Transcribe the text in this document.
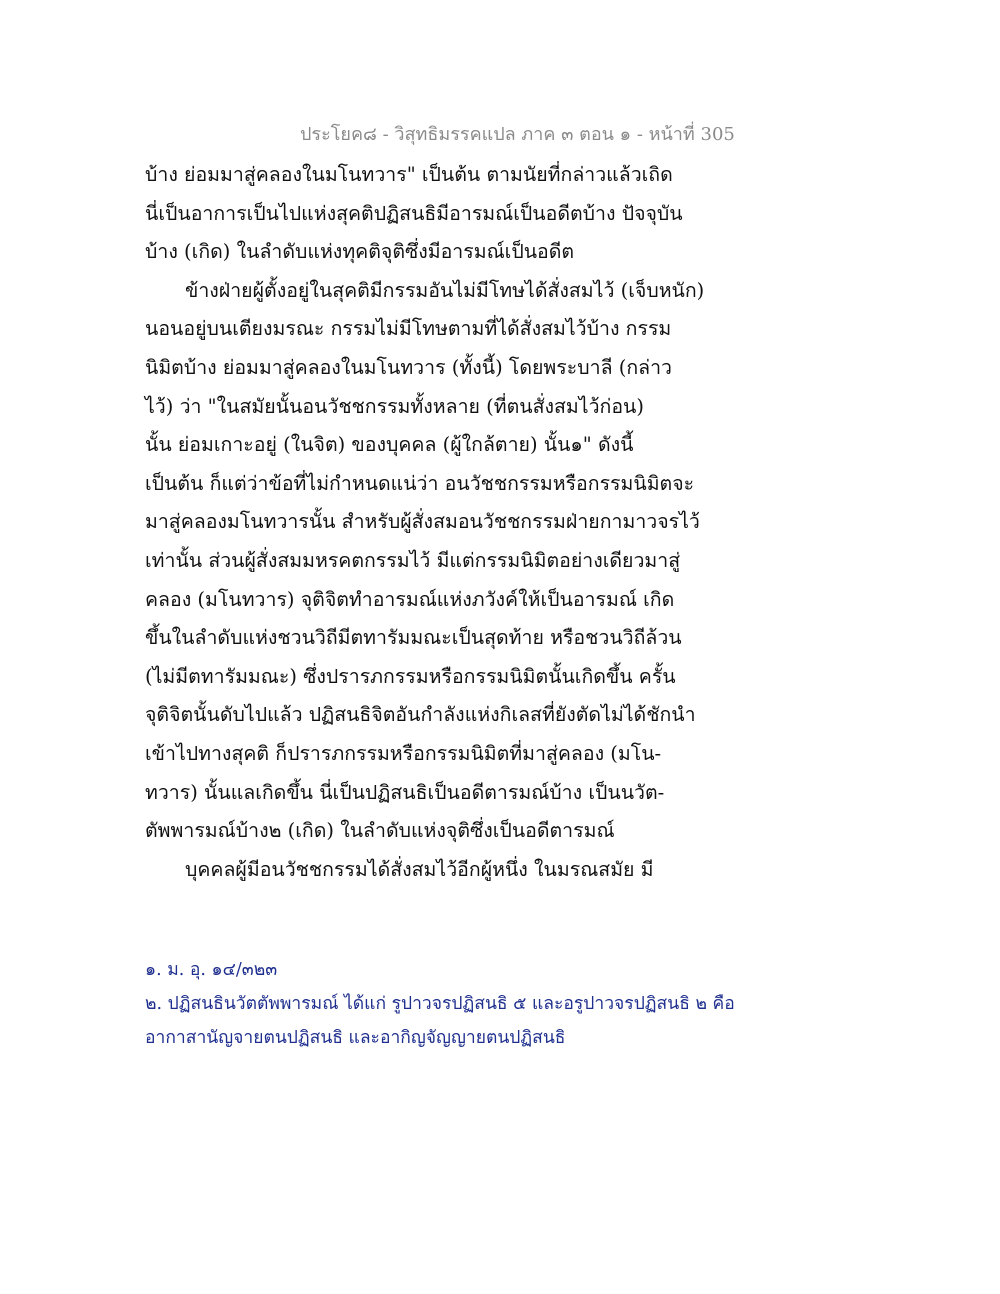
ประโยค๘ - วิสุทธิมรรคแปล ภาค ๓ ตอน ๑ - หน้าที่ 305
บ้าง ย่อมมาสู่คลองในมโนทวาร" เป็นต้น ตามนัยที่กล่าวแล้วเถิด
นี่เป็นอาการเป็นไปแห่งสุคติปฏิสนธิมีอารมณ์เป็นอดีตบ้าง ปัจจุบัน
บ้าง (เกิด) ในลำดับแห่งทุคติจุติซึ่งมีอารมณ์เป็นอดีต
ข้างฝ่ายผู้ตั้งอยู่ในสุคติมีกรรมอันไม่มีโทษได้สั่งสมไว้ (เจ็บหนัก)
นอนอยู่บนเตียงมรณะ กรรมไม่มีโทษตามที่ได้สั่งสมไว้บ้าง กรรม
นิมิตบ้าง ย่อมมาสู่คลองในมโนทวาร (ทั้งนี้) โดยพระบาลี (กล่าว
ไว้) ว่า "ในสมัยนั้นอนวัชชกรรมทั้งหลาย (ที่ตนสั่งสมไว้ก่อน)
นั้น ย่อมเกาะอยู่ (ในจิต) ของบุคคล (ผู้ใกล้ตาย) นั้น๑" ดังนี้
เป็นต้น ก็แต่ว่าข้อที่ไม่กำหนดแน่ว่า อนวัชชกรรมหรือกรรมนิมิตจะ
มาสู่คลองมโนทวารนั้น สำหรับผู้สั่งสมอนวัชชกรรมฝ่ายกามาวจรไว้
เท่านั้น ส่วนผู้สั่งสมมหรคตกรรมไว้ มีแต่กรรมนิมิตอย่างเดียวมาสู่
คลอง (มโนทวาร) จุติจิตทำอารมณ์แห่งภวังค์ให้เป็นอารมณ์ เกิด
ขึ้นในลำดับแห่งชวนวิถีมีตทารัมมณะเป็นสุดท้าย หรือชวนวิถีล้วน
(ไม่มีตทารัมมณะ) ซึ่งปรารภกรรมหรือกรรมนิมิตนั้นเกิดขึ้น ครั้น
จุติจิตนั้นดับไปแล้ว ปฏิสนธิจิตอันกำลังแห่งกิเลสที่ยังตัดไม่ได้ชักนำ
เข้าไปทางสุคติ ก็ปรารภกรรมหรือกรรมนิมิตที่มาสู่คลอง (มโน-
ทวาร) นั้นแลเกิดขึ้น นี่เป็นปฏิสนธิเป็นอดีตารมณ์บ้าง เป็นนวัต-
ตัพพารมณ์บ้าง๒ (เกิด) ในลำดับแห่งจุติซึ่งเป็นอดีตารมณ์
บุคคลผู้มีอนวัชชกรรมได้สั่งสมไว้อีกผู้หนึ่ง ในมรณสมัย มี
๑. ม. อุ. ๑๔/๓๒๓
๒. ปฏิสนธินวัตตัพพารมณ์ ได้แก่ รูปาวจรปฏิสนธิ ๕ และอรูปาวจรปฏิสนธิ ๒ คือ
อากาสานัญจายตนปฏิสนธิ และอากิญจัญญายตนปฏิสนธิ
